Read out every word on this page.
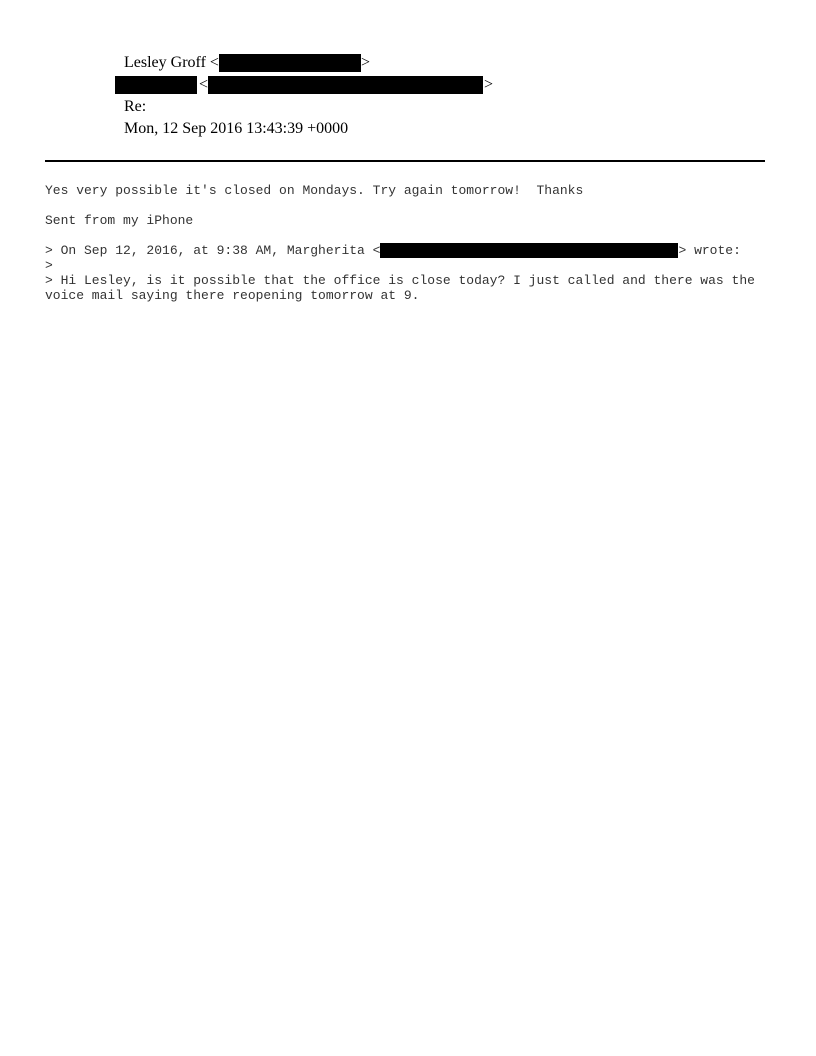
Lesley Groff <	>
<	>
Re:
Mon, 12 Sep 2016 13:43:39 +0000
Yes very possible it's closed on Mondays. Try again tomorrow!  Thanks
Sent from my iPhone
> On Sep 12, 2016, at 9:38 AM, Margherita <	> wrote:
>
> Hi Lesley, is it possible that the office is close today? I just called and there was the
voice mail saying there reopening tomorrow at 9.
